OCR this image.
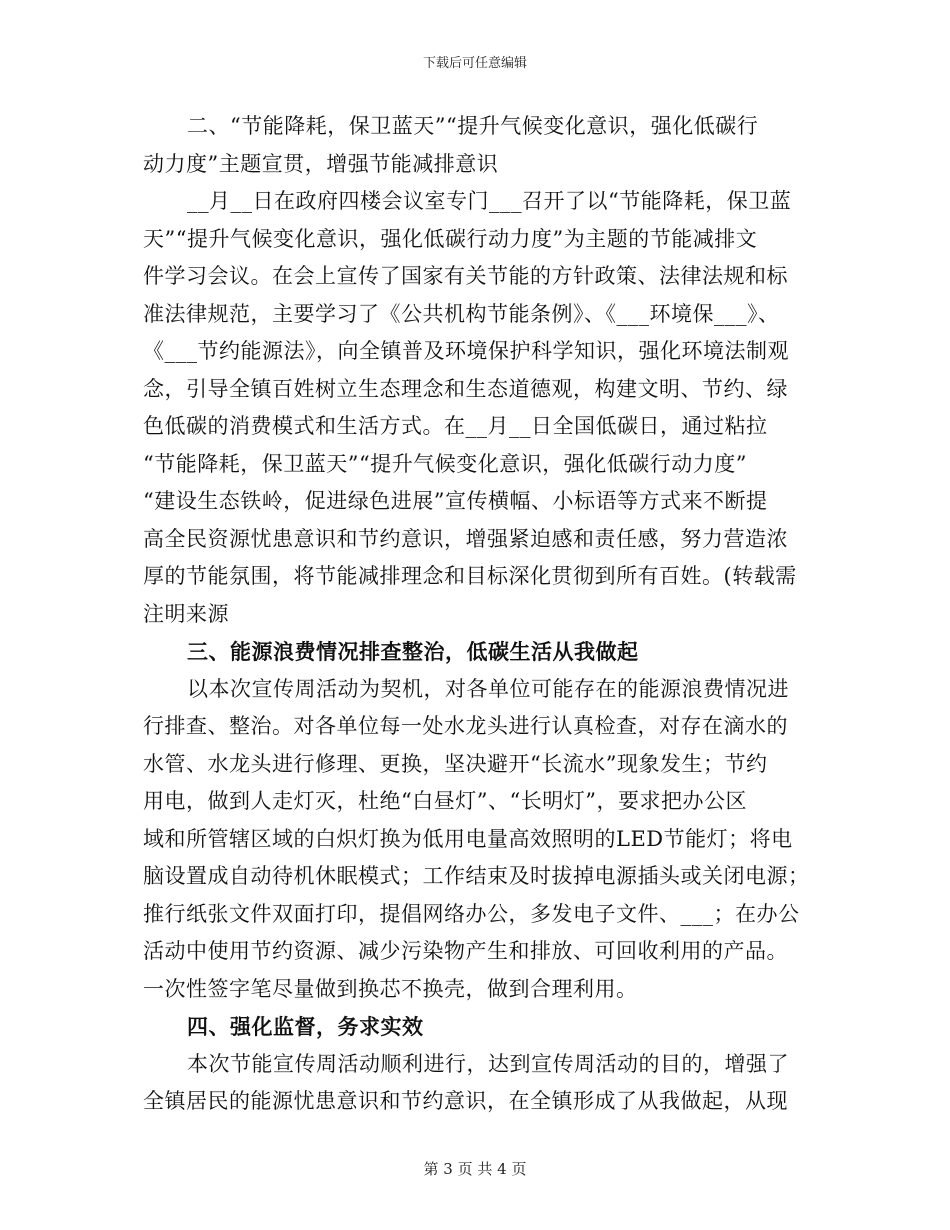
下载后可任意编辑
二、“节能降耗，保卫蓝天”“提升气候变化意识，强化低碳行
动力度”主题宣贯，增强节能减排意识
__月__日在政府四楼会议室专门___召开了以“节能降耗，保卫蓝
天”“提升气候变化意识，强化低碳行动力度”为主题的节能减排文
件学习会议。在会上宣传了国家有关节能的方针政策、法律法规和标
准法律规范，主要学习了《公共机构节能条例》、《___环境保___》、
《___节约能源法》，向全镇普及环境保护科学知识，强化环境法制观
念，引导全镇百姓树立生态理念和生态道德观，构建文明、节约、绿
色低碳的消费模式和生活方式。在__月__日全国低碳日，通过粘拉
“节能降耗，保卫蓝天”“提升气候变化意识，强化低碳行动力度”
“建设生态铁岭，促进绿色进展”宣传横幅、小标语等方式来不断提
高全民资源忧患意识和节约意识，增强紧迫感和责任感，努力营造浓
厚的节能氛围，将节能减排理念和目标深化贯彻到所有百姓。(转载需
注明来源
三、能源浪费情况排查整治，低碳生活从我做起
以本次宣传周活动为契机，对各单位可能存在的能源浪费情况进
行排查、整治。对各单位每一处水龙头进行认真检查，对存在滴水的
水管、水龙头进行修理、更换，坚决避开“长流水”现象发生；节约
用电，做到人走灯灭，杜绝“白昼灯”、“长明灯”，要求把办公区
域和所管辖区域的白炽灯换为低用电量高效照明的LED节能灯；将电
脑设置成自动待机休眠模式；工作结束及时拔掉电源插头或关闭电源；
推行纸张文件双面打印，提倡网络办公，多发电子文件、___；在办公
活动中使用节约资源、减少污染物产生和排放、可回收利用的产品。
一次性签字笔尽量做到换芯不换壳，做到合理利用。
四、强化监督，务求实效
本次节能宣传周活动顺利进行，达到宣传周活动的目的，增强了
全镇居民的能源忧患意识和节约意识，在全镇形成了从我做起，从现
第 3 页 共 4 页
